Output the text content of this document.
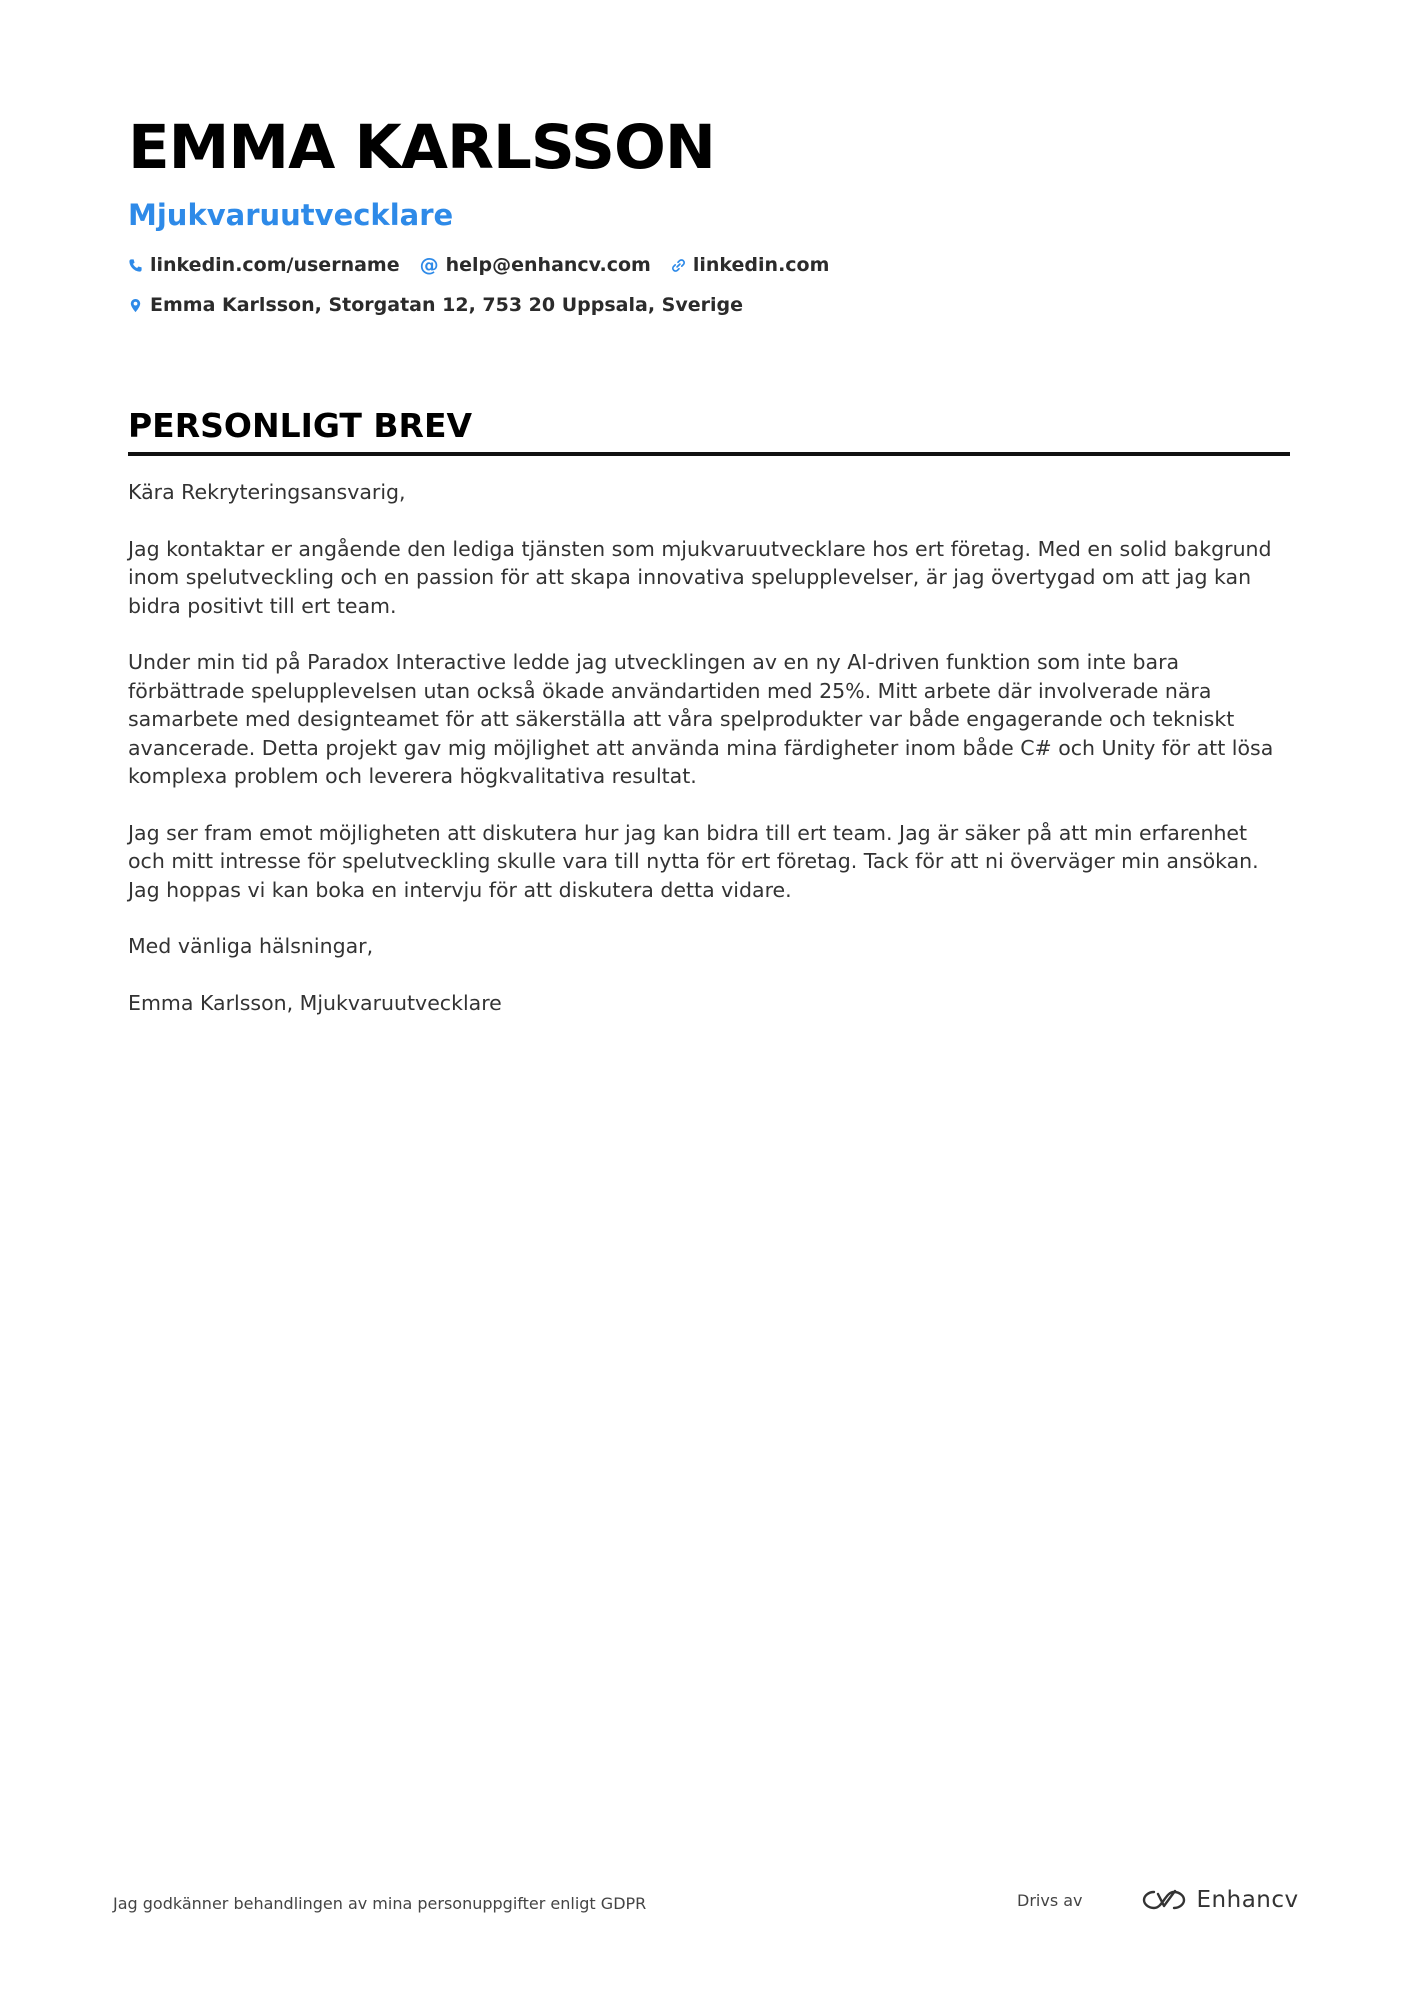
EMMA KARLSSON
Mjukvaruutvecklare
linkedin.com/username @ help@enhancv.com linkedin.com
Emma Karlsson, Storgatan 12, 753 20 Uppsala, Sverige
PERSONLIGT BREV

Kära Rekryteringsansvarig,

Jag kontaktar er angående den lediga tjänsten som mjukvaruutvecklare hos ert företag. Med en solid bakgrund inom spelutveckling och en passion för att skapa innovativa spelupplevelser, är jag övertygad om att jag kan bidra positivt till ert team.

Under min tid på Paradox Interactive ledde jag utvecklingen av en ny AI-driven funktion som inte bara förbättrade spelupplevelsen utan också ökade användartiden med 25%. Mitt arbete där involverade nära samarbete med designteamet för att säkerställa att våra spelprodukter var både engagerande och tekniskt avancerade. Detta projekt gav mig möjlighet att använda mina färdigheter inom både C# och Unity för att lösa komplexa problem och leverera högkvalitativa resultat.

Jag ser fram emot möjligheten att diskutera hur jag kan bidra till ert team. Jag är säker på att min erfarenhet och mitt intresse för spelutveckling skulle vara till nytta för ert företag. Tack för att ni överväger min ansökan. Jag hoppas vi kan boka en intervju för att diskutera detta vidare.

Med vänliga hälsningar,

Emma Karlsson, Mjukvaruutvecklare

Jag godkänner behandlingen av mina personuppgifter enligt GDPR	Drivs av	Enhancv
